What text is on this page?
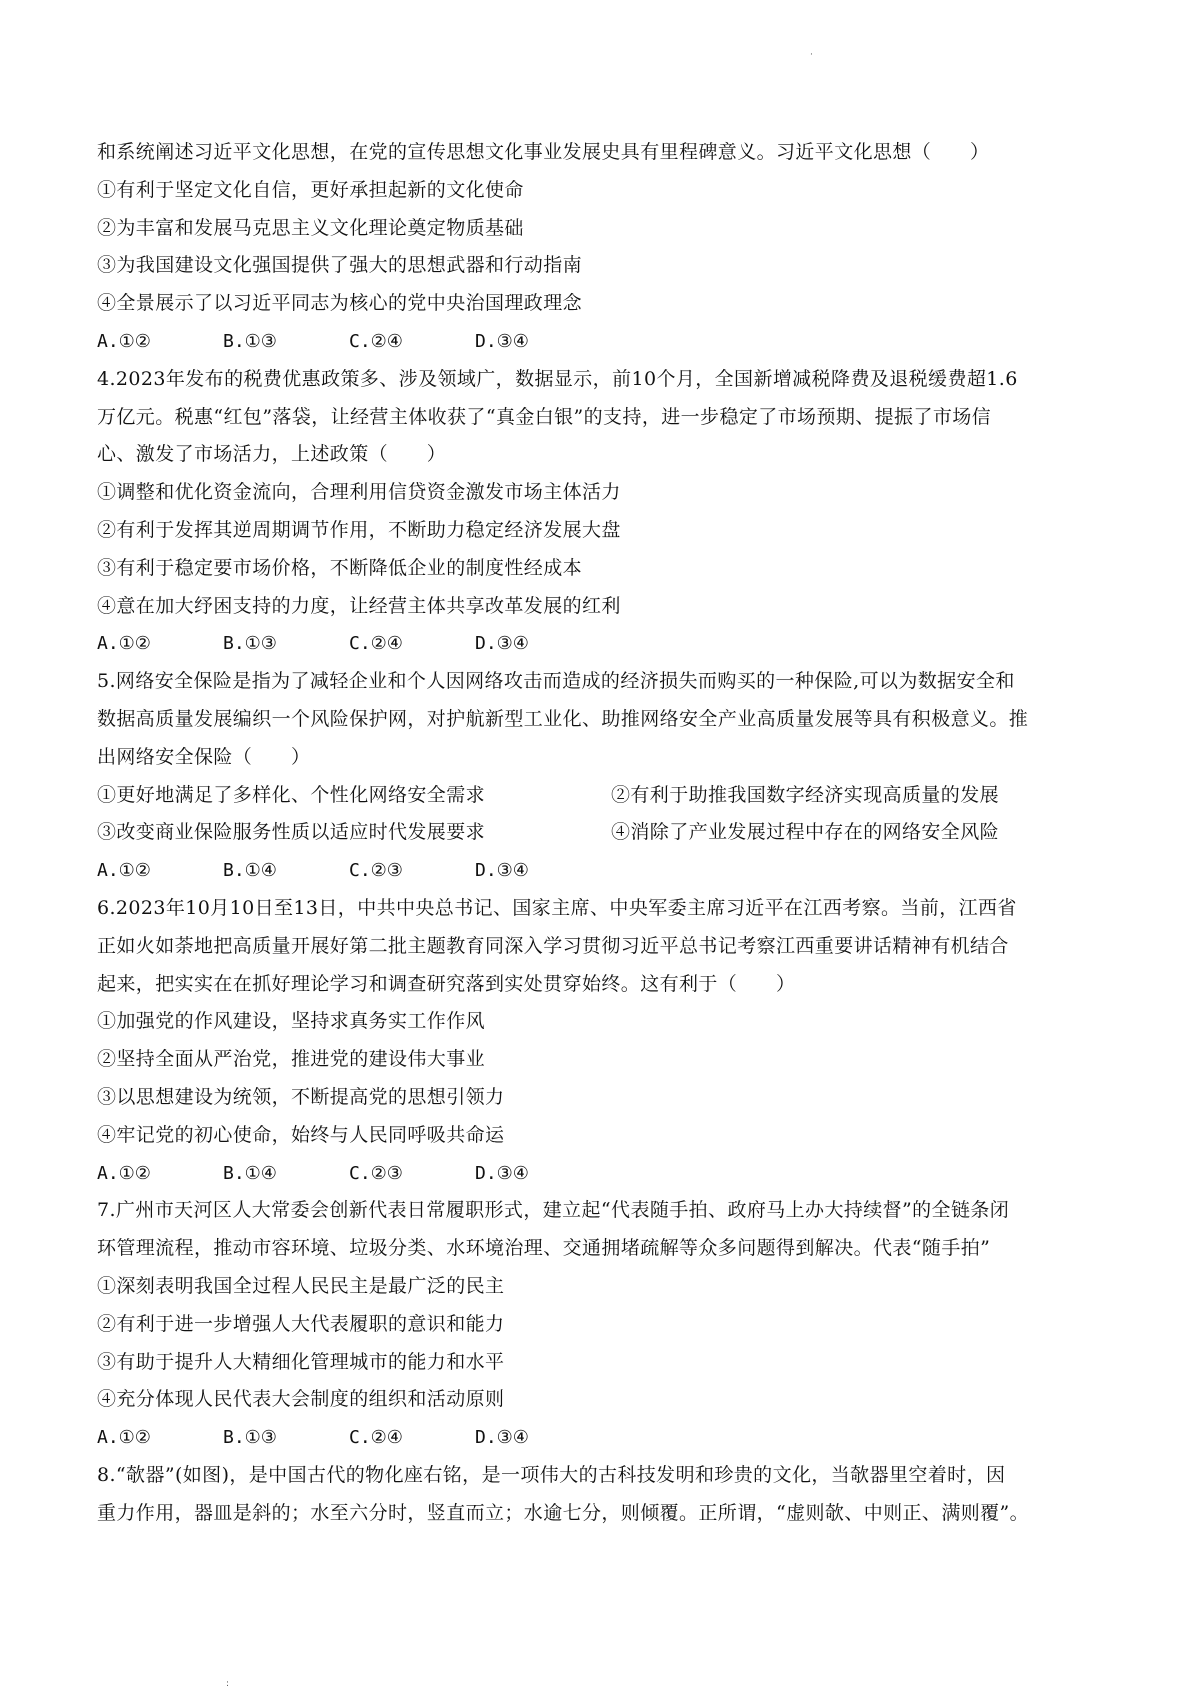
·
和系统阐述习近平文化思想，在党的宣传思想文化事业发展史具有里程碑意义。习近平文化思想（　　）
①有利于坚定文化自信，更好承担起新的文化使命
②为丰富和发展马克思主义文化理论奠定物质基础
③为我国建设文化强国提供了强大的思想武器和行动指南
④全景展示了以习近平同志为核心的党中央治国理政理念
A.①②	B.①③	C.②④	D.③④
4.2023年发布的税费优惠政策多、涉及领域广，数据显示，前10个月，全国新增减税降费及退税缓费超1.6
万亿元。税惠“红包”落袋，让经营主体收获了“真金白银”的支持，进一步稳定了市场预期、提振了市场信
心、激发了市场活力，上述政策（　　）
①调整和优化资金流向，合理利用信贷资金激发市场主体活力
②有利于发挥其逆周期调节作用，不断助力稳定经济发展大盘
③有利于稳定要市场价格，不断降低企业的制度性经成本
④意在加大纾困支持的力度，让经营主体共享改革发展的红利
A.①②	B.①③	C.②④	D.③④
5.网络安全保险是指为了减轻企业和个人因网络攻击而造成的经济损失而购买的一种保险,可以为数据安全和
数据高质量发展编织一个风险保护网，对护航新型工业化、助推网络安全产业高质量发展等具有积极意义。推
出网络安全保险（　　）
①更好地满足了多样化、个性化网络安全需求	②有利于助推我国数字经济实现高质量的发展
③改变商业保险服务性质以适应时代发展要求	④消除了产业发展过程中存在的网络安全风险
A.①②	B.①④	C.②③	D.③④
6.2023年10月10日至13日，中共中央总书记、国家主席、中央军委主席习近平在江西考察。当前，江西省
正如火如荼地把高质量开展好第二批主题教育同深入学习贯彻习近平总书记考察江西重要讲话精神有机结合
起来，把实实在在抓好理论学习和调查研究落到实处贯穿始终。这有利于（　　）
①加强党的作风建设，坚持求真务实工作作风
②坚持全面从严治党，推进党的建设伟大事业
③以思想建设为统领，不断提高党的思想引领力
④牢记党的初心使命，始终与人民同呼吸共命运
A.①②	B.①④	C.②③	D.③④
7.广州市天河区人大常委会创新代表日常履职形式，建立起“代表随手拍、政府马上办大持续督”的全链条闭
环管理流程，推动市容环境、垃圾分类、水环境治理、交通拥堵疏解等众多问题得到解决。代表“随手拍”
①深刻表明我国全过程人民民主是最广泛的民主
②有利于进一步增强人大代表履职的意识和能力
③有助于提升人大精细化管理城市的能力和水平
④充分体现人民代表大会制度的组织和活动原则
A.①②	B.①③	C.②④	D.③④
8.“欹器”(如图)，是中国古代的物化座右铭，是一项伟大的古科技发明和珍贵的文化，当欹器里空着时，因
重力作用，器皿是斜的；水至六分时，竖直而立；水逾七分，则倾覆。正所谓，“虚则欹、中则正、满则覆”。
:
